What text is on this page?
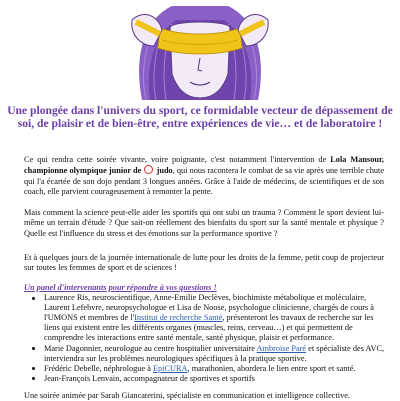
Une plongée dans l'univers du sport, ce formidable vecteur de dépassement de soi, de plaisir et de bien-être, entre expériences de vie… et de laboratoire !

Ce qui rendra cette soirée vivante, voire poignante, c'est notamment l'intervention de Lola Mansour, championne olympique junior de judo, qui nous racontera le combat de sa vie après une terrible chute qui l'a écartée de son dojo pendant 3 longues années. Grâce à l'aide de médecins, de scientifiques et de son coach, elle parvient courageusement à remonter la pente.

Mais comment la science peut-elle aider les sportifs qui ont subi un trauma ? Comment le sport devient lui-même un terrain d'étude ? Que sait-on réellement des bienfaits du sport sur la santé mentale et physique ? Quelle est l'influence du stress et des émotions sur la performance sportive ?

Et à quelques jours de la journée internationale de lutte pour les droits de la femme, petit coup de projecteur sur toutes les femmes de sport et de sciences !

Un panel d'intervenants pour répondre à vos questions !
Laurence Ris, neuroscientifique, Anne-Emilie Declèves, biochimiste métabolique et moléculaire, Laurent Lefebvre, neuropsychologue et Lisa de Noose, psychologue clinicienne, chargés de cours à l'UMONS et membres de l'Institut de recherche Santé, présenteront les travaux de recherche sur les liens qui existent entre les différents organes (muscles, reins, cerveau…) et qui permettent de comprendre les interactions entre santé mentale, santé physique, plaisir et performance.
Marie Dagonnier, neurologue au centre hospitalier universitaire Ambroise Paré et spécialiste des AVC, interviendra sur les problèmes neurologiques spécifiques à la pratique sportive.
Frédéric Debelle, néphrologue à EpiCURA, marathonien, abordera le lien entre sport et santé.
Jean-François Lenvain, accompagnateur de sportives et sportifs
Une soirée animée par Sarah Giancaterini, spécialiste en communication et intelligence collective.
